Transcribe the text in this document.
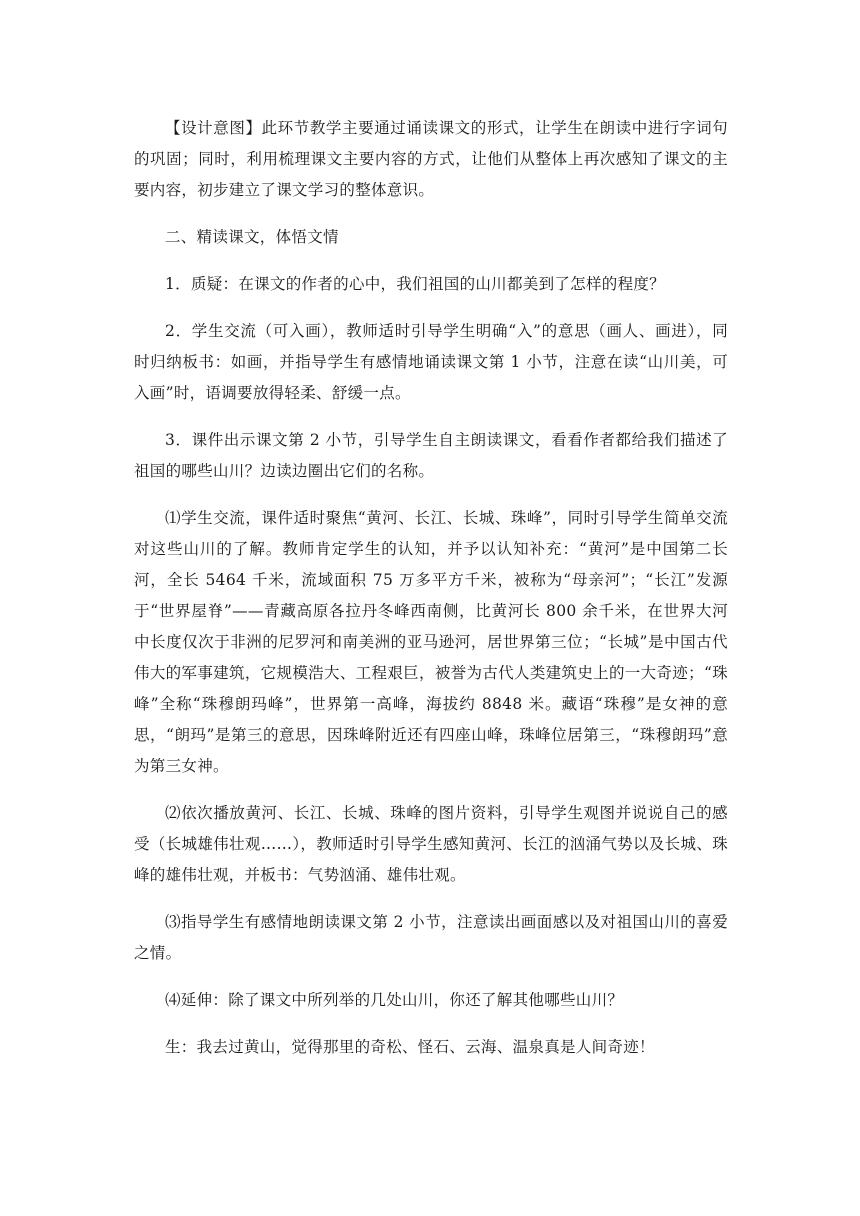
【设计意图】此环节教学主要通过诵读课文的形式，让学生在朗读中进行字词句的巩固；同时，利用梳理课文主要内容的方式，让他们从整体上再次感知了课文的主要内容，初步建立了课文学习的整体意识。

二、精读课文，体悟文情

1．质疑：在课文的作者的心中，我们祖国的山川都美到了怎样的程度？

2．学生交流（可入画），教师适时引导学生明确“入”的意思（画人、画进），同时归纳板书：如画，并指导学生有感情地诵读课文第 1 小节，注意在读“山川美，可入画”时，语调要放得轻柔、舒缓一点。

3．课件出示课文第 2 小节，引导学生自主朗读课文，看看作者都给我们描述了祖国的哪些山川？边读边圈出它们的名称。

⑴学生交流，课件适时聚焦“黄河、长江、长城、珠峰”，同时引导学生简单交流对这些山川的了解。教师肯定学生的认知，并予以认知补充：“黄河”是中国第二长河，全长 5464 千米，流域面积 75 万多平方千米，被称为“母亲河”；“长江”发源于“世界屋脊”——青藏高原各拉丹冬峰西南侧，比黄河长 800 余千米，在世界大河中长度仅次于非洲的尼罗河和南美洲的亚马逊河，居世界第三位；“长城”是中国古代伟大的军事建筑，它规模浩大、工程艰巨，被誉为古代人类建筑史上的一大奇迹；“珠峰”全称“珠穆朗玛峰”，世界第一高峰，海拔约 8848 米。藏语“珠穆”是女神的意思，“朗玛”是第三的意思，因珠峰附近还有四座山峰，珠峰位居第三，“珠穆朗玛”意为第三女神。

⑵依次播放黄河、长江、长城、珠峰的图片资料，引导学生观图并说说自己的感受（长城雄伟壮观……），教师适时引导学生感知黄河、长江的汹涌气势以及长城、珠峰的雄伟壮观，并板书：气势汹涌、雄伟壮观。

⑶指导学生有感情地朗读课文第 2 小节，注意读出画面感以及对祖国山川的喜爱之情。

⑷延伸：除了课文中所列举的几处山川，你还了解其他哪些山川？

生：我去过黄山，觉得那里的奇松、怪石、云海、温泉真是人间奇迹！
